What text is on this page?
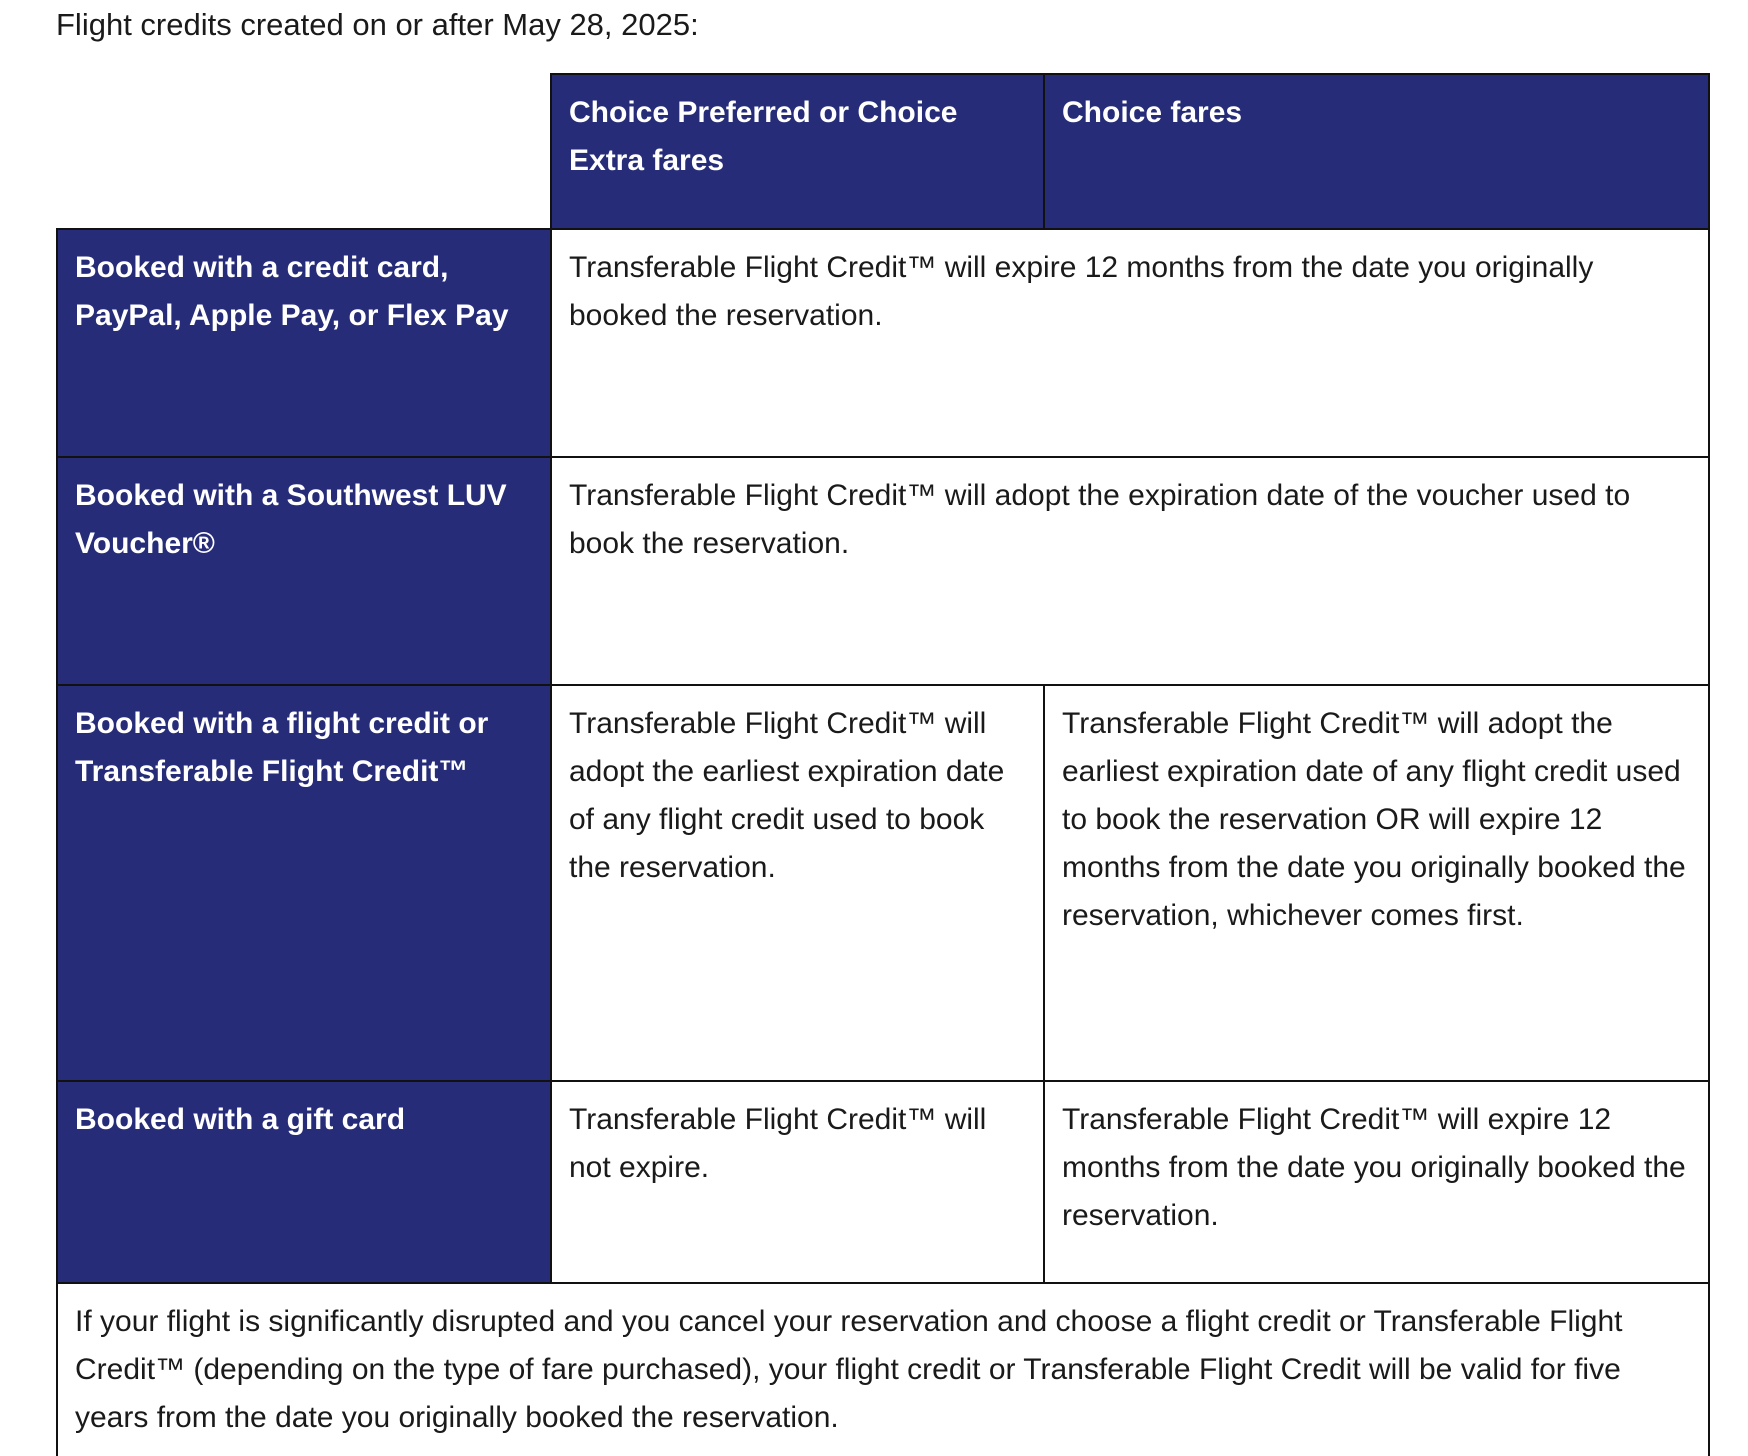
Flight credits created on or after May 28, 2025:

	Choice Preferred or Choice Extra fares	Choice fares
Booked with a credit card, PayPal, Apple Pay, or Flex Pay	Transferable Flight Credit™ will expire 12 months from the date you originally booked the reservation.	
Booked with a Southwest LUV Voucher®	Transferable Flight Credit™ will adopt the expiration date of the voucher used to book the reservation.	
Booked with a flight credit or Transferable Flight Credit™	Transferable Flight Credit™ will adopt the earliest expiration date of any flight credit used to book the reservation.	Transferable Flight Credit™ will adopt the earliest expiration date of any flight credit used to book the reservation OR will expire 12 months from the date you originally booked the reservation, whichever comes first.
Booked with a gift card	Transferable Flight Credit™ will not expire.	Transferable Flight Credit™ will expire 12 months from the date you originally booked the reservation.
If your flight is significantly disrupted and you cancel your reservation and choose a flight credit or Transferable Flight Credit™ (depending on the type of fare purchased), your flight credit or Transferable Flight Credit will be valid for five years from the date you originally booked the reservation.		
